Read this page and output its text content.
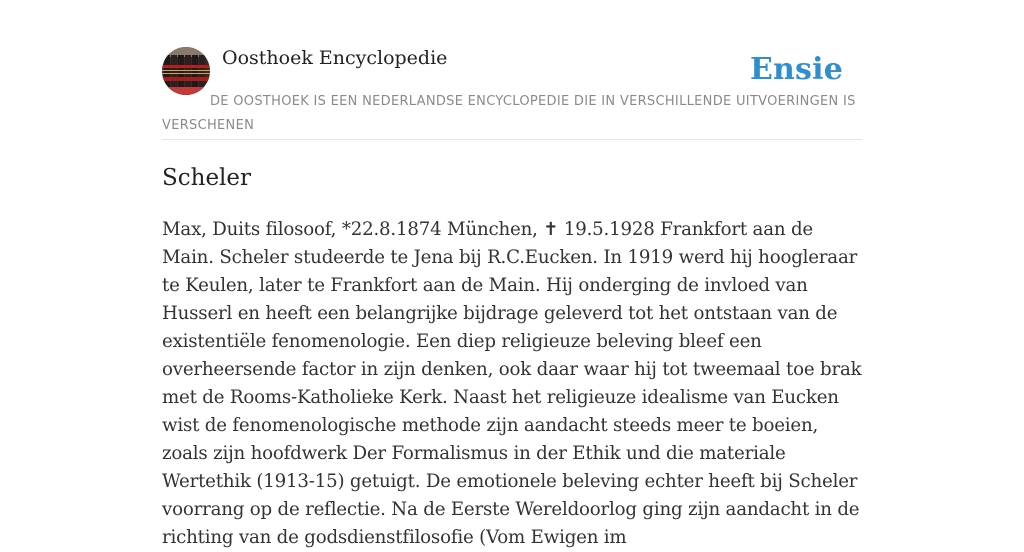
Oosthoek Encyclopedie	Ensie
DE OOSTHOEK IS EEN NEDERLANDSE ENCYCLOPEDIE DIE IN VERSCHILLENDE UITVOERINGEN IS VERSCHENEN
Scheler

Max, Duits filosoof, *22.8.1874 München, ✝ 19.5.1928 Frankfort aan de Main. Scheler studeerde te Jena bij R.C.Eucken. In 1919 werd hij hoogleraar te Keulen, later te Frankfort aan de Main. Hij onderging de invloed van Husserl en heeft een belangrijke bijdrage geleverd tot het ontstaan van de existentiële fenomenologie. Een diep religieuze beleving bleef een overheersende factor in zijn denken, ook daar waar hij tot tweemaal toe brak met de Rooms-Katholieke Kerk. Naast het religieuze idealisme van Eucken wist de fenomenologische methode zijn aandacht steeds meer te boeien, zoals zijn hoofdwerk Der Formalismus in der Ethik und die materiale Wertethik (1913-15) getuigt. De emotionele beleving echter heeft bij Scheler voorrang op de reflectie. Na de Eerste Wereldoorlog ging zijn aandacht in de richting van de godsdienstfilosofie (Vom Ewigen im
